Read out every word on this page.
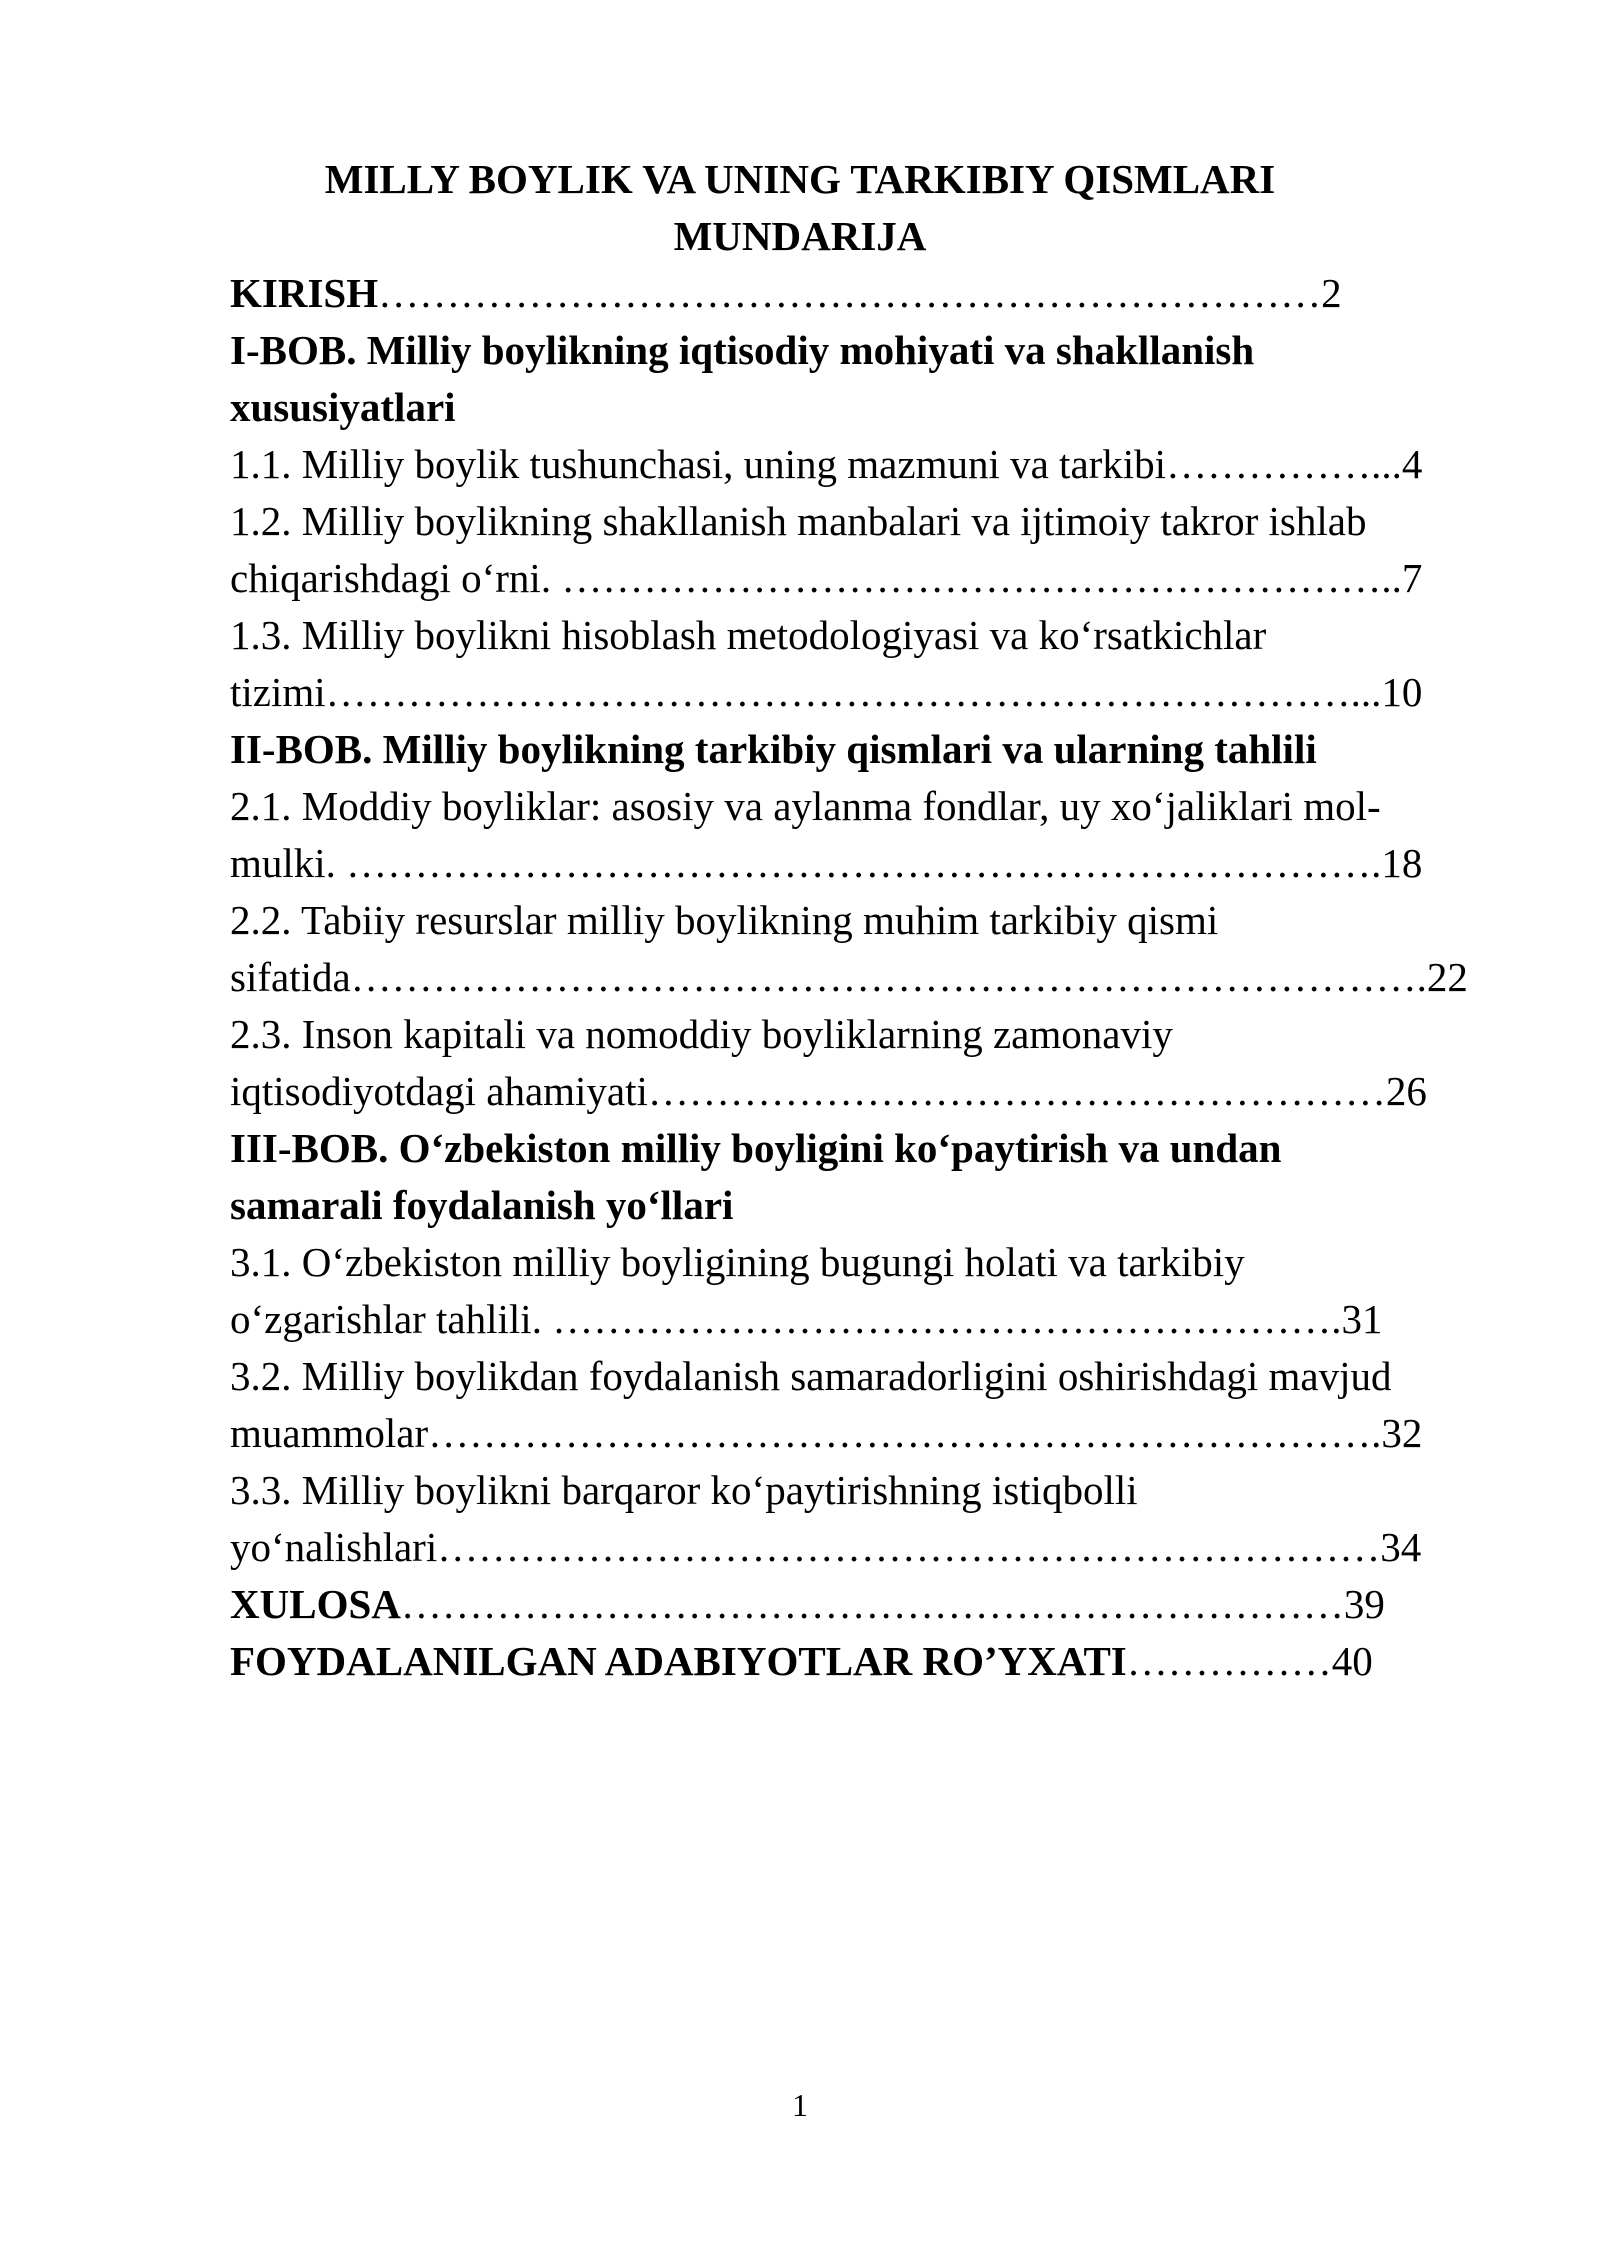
MILLY BOYLIK VA UNING TARKIBIY QISMLARI
MUNDARIJA
KIRISH……………………………………………………………2
I-BOB. Milliy boylikning iqtisodiy mohiyati va shakllanish
xususiyatlari
1.1. Milliy boylik tushunchasi, uning mazmuni va tarkibi……………...4
1.2. Milliy boylikning shakllanish manbalari va ijtimoiy takror ishlab
chiqarishdagi oʻrni. ……………………………………………………..7
1.3. Milliy boylikni hisoblash metodologiyasi va koʻrsatkichlar
tizimi…………………………………………………………………...10
II-BOB. Milliy boylikning tarkibiy qismlari va ularning tahlili
2.1. Moddiy boyliklar: asosiy va aylanma fondlar, uy xoʻjaliklari mol-
mulki. ………………………………………………………………….18
2.2. Tabiiy resurslar milliy boylikning muhim tarkibiy qismi
sifatida…………………………………………………………………….22
2.3. Inson kapitali va nomoddiy boyliklarning zamonaviy
iqtisodiyotdagi ahamiyati………………………………………………26
III-BOB. Oʻzbekiston milliy boyligini koʻpaytirish va undan
samarali foydalanish yoʻllari
3.1. Oʻzbekiston milliy boyligining bugungi holati va tarkibiy
oʻzgarishlar tahlili. ………………………………………………….31
3.2. Milliy boylikdan foydalanish samaradorligini oshirishdagi mavjud
muammolar…………………………………………………………….32
3.3. Milliy boylikni barqaror koʻpaytirishning istiqbolli
yoʻnalishlari……………………………………………………………34
XULOSA……………………………………………………………39
FOYDALANILGAN ADABIYOTLAR ROʼYXATI……………40
1
